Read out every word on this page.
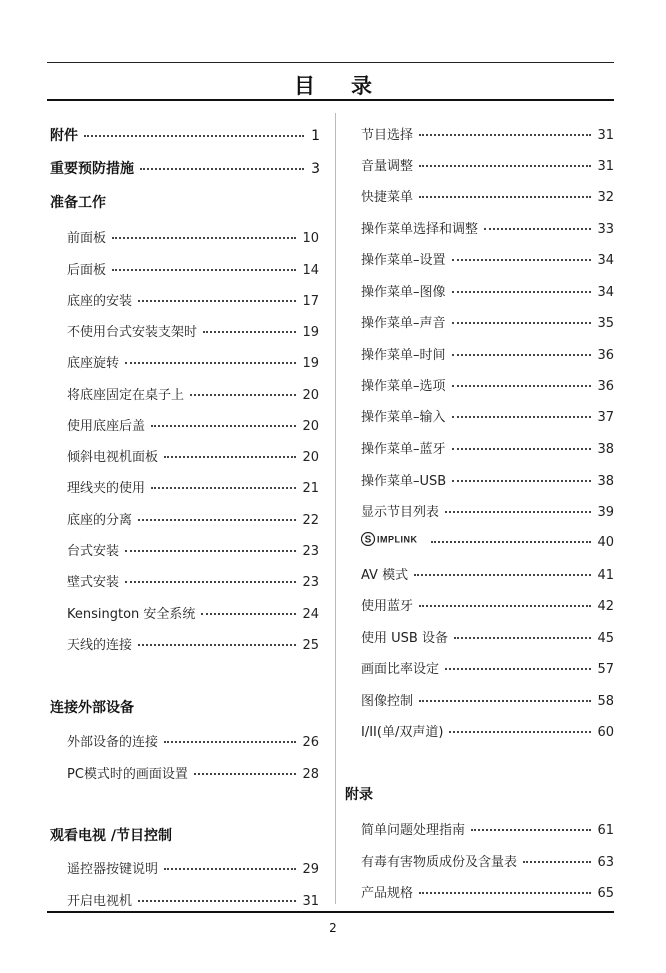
目 录
附件	1
重要预防措施	3
准备工作
连接外部设备
观看电视 /节目控制
附录
2
前面板	10
后面板	14
底座的安装	17
不使用台式安装支架时	19
底座旋转	19
将底座固定在桌子上	20
使用底座后盖	20
倾斜电视机面板	20
理线夹的使用	21
底座的分离	22
台式安装	23
壁式安装	23
Kensington 安全系统	24
天线的连接	25
外部设备的连接	26
PC模式时的画面设置	28
遥控器按键说明	29
开启电视机	31
节目选择	31
音量调整	31
快捷菜单	32
操作菜单选择和调整	33
操作菜单–设置	34
操作菜单–图像	34
操作菜单–声音	35
操作菜单–时间	36
操作菜单–选项	36
操作菜单–输入	37
操作菜单–蓝牙	38
操作菜单–USB	38
显示节目列表	39
S IMPLINK	40
AV 模式	41
使用蓝牙	42
使用 USB 设备	45
画面比率设定	57
图像控制	58
I/II(单/双声道)	60
简单问题处理指南	61
有毒有害物质成份及含量表	63
产品规格	65
